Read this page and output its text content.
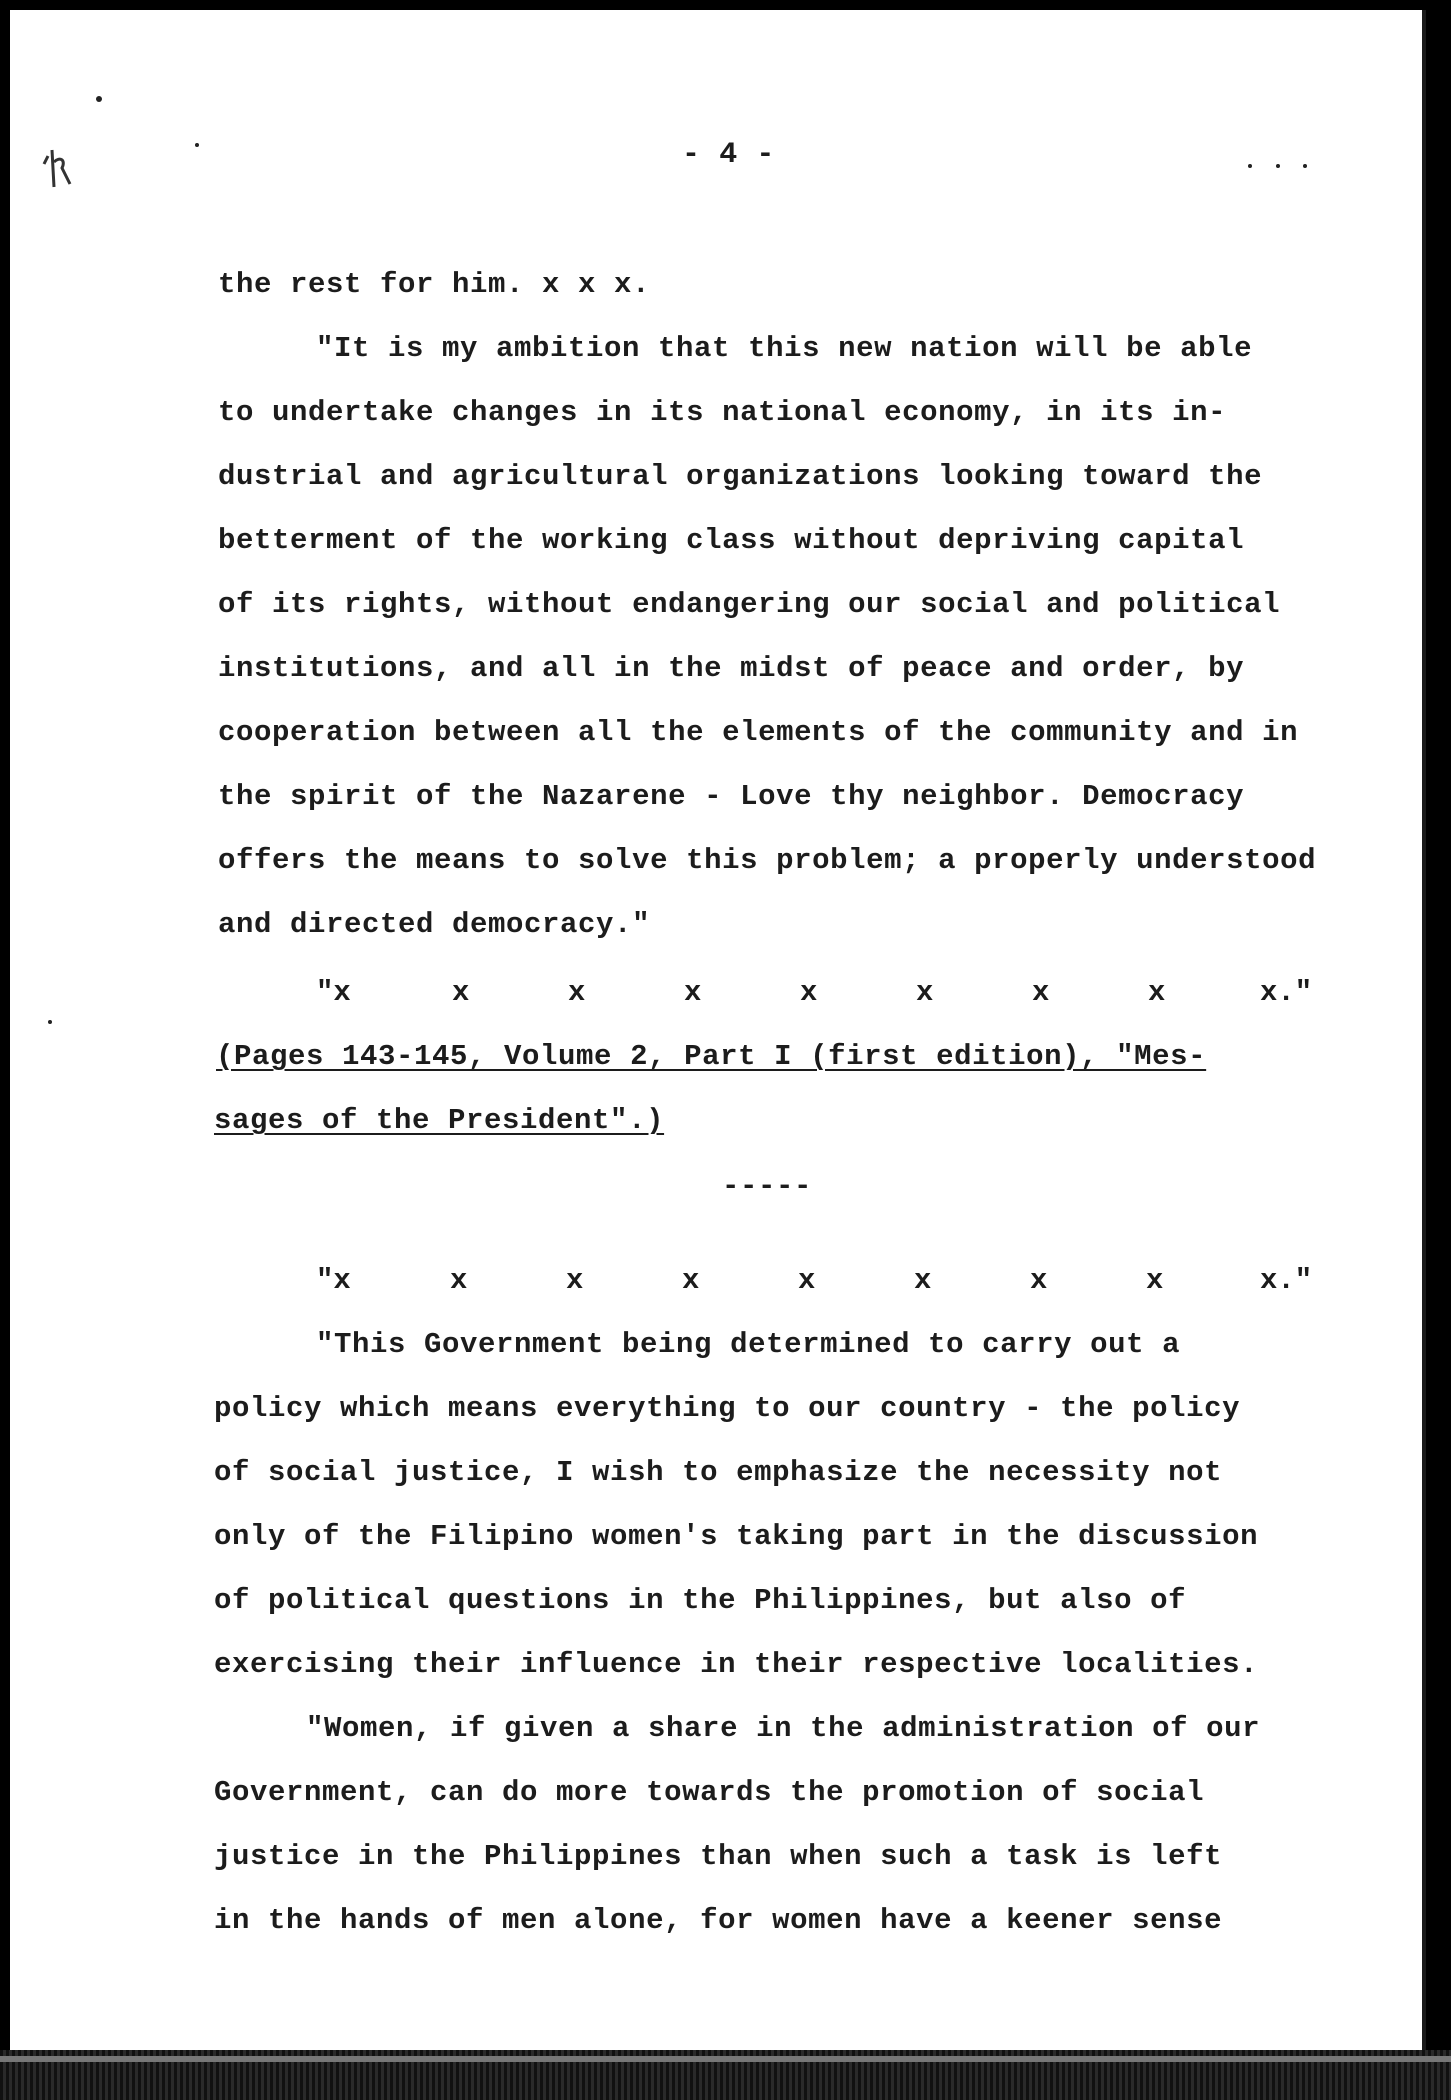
- 4 -

the rest for him. x x x.

"It is my ambition that this new nation will be able

to undertake changes in its national economy, in its in-

dustrial and agricultural organizations looking toward the

betterment of the working class without depriving capital

of its rights, without endangering our social and political

institutions, and all in the midst of peace and order, by

cooperation between all the elements of the community and in

the spirit of the Nazarene - Love thy neighbor. Democracy

offers the means to solve this problem; a properly understood

and directed democracy."

"x	x	x	x	x	x	x	x	x."

(Pages 143-145, Volume 2, Part I (first edition), "Mes-

sages of the President".)

-----

"x	x	x	x	x	x	x	x	x."

"This Government being determined to carry out a

policy which means everything to our country - the policy

of social justice, I wish to emphasize the necessity not

only of the Filipino women's taking part in the discussion

of political questions in the Philippines, but also of

exercising their influence in their respective localities.

"Women, if given a share in the administration of our

Government, can do more towards the promotion of social

justice in the Philippines than when such a task is left

in the hands of men alone, for women have a keener sense
